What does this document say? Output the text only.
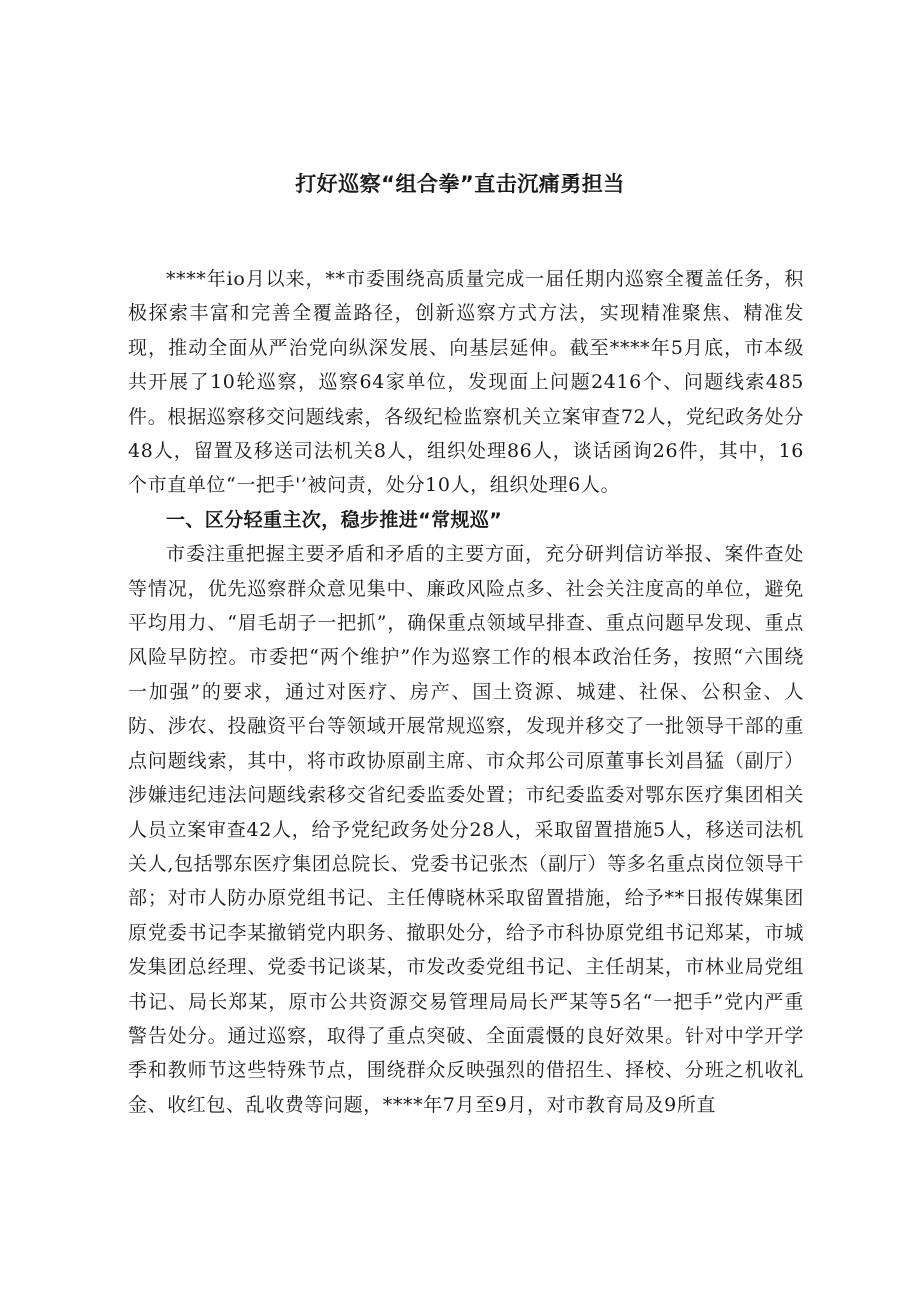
打好巡察“组合拳”直击沉痛勇担当

****年io月以来，**市委围绕高质量完成一届任期内巡察全覆盖任务，积极探索丰富和完善全覆盖路径，创新巡察方式方法，实现精准聚焦、精准发现，推动全面从严治党向纵深发展、向基层延伸。截至****年5月底，市本级共开展了10轮巡察，巡察64家单位，发现面上问题2416个、问题线索485件。根据巡察移交问题线索，各级纪检监察机关立案审查72人，党纪政务处分48人，留置及移送司法机关8人，组织处理86人，谈话函询26件，其中，16个市直单位“一把手'’被问责，处分10人，组织处理6人。

一、区分轻重主次，稳步推进“常规巡”

市委注重把握主要矛盾和矛盾的主要方面，充分研判信访举报、案件查处等情况，优先巡察群众意见集中、廉政风险点多、社会关注度高的单位，避免平均用力、“眉毛胡子一把抓”，确保重点领域早排查、重点问题早发现、重点风险早防控。市委把“两个维护”作为巡察工作的根本政治任务，按照“六围绕一加强”的要求，通过对医疗、房产、国土资源、城建、社保、公积金、人防、涉农、投融资平台等领域开展常规巡察，发现并移交了一批领导干部的重点问题线索，其中，将市政协原副主席、市众邦公司原董事长刘昌猛（副厅）涉嫌违纪违法问题线索移交省纪委监委处置；市纪委监委对鄂东医疗集团相关人员立案审查42人，给予党纪政务处分28人，采取留置措施5人，移送司法机关人,包括鄂东医疗集团总院长、党委书记张杰（副厅）等多名重点岗位领导干部；对市人防办原党组书记、主任傅晓林采取留置措施，给予**日报传媒集团原党委书记李某撤销党内职务、撤职处分，给予市科协原党组书记郑某，市城发集团总经理、党委书记谈某，市发改委党组书记、主任胡某，市林业局党组书记、局长郑某，原市公共资源交易管理局局长严某等5名“一把手”党内严重警告处分。通过巡察，取得了重点突破、全面震慑的良好效果。针对中学开学季和教师节这些特殊节点，围绕群众反映强烈的借招生、择校、分班之机收礼金、收红包、乱收费等问题，****年7月至9月，对市教育局及9所直
